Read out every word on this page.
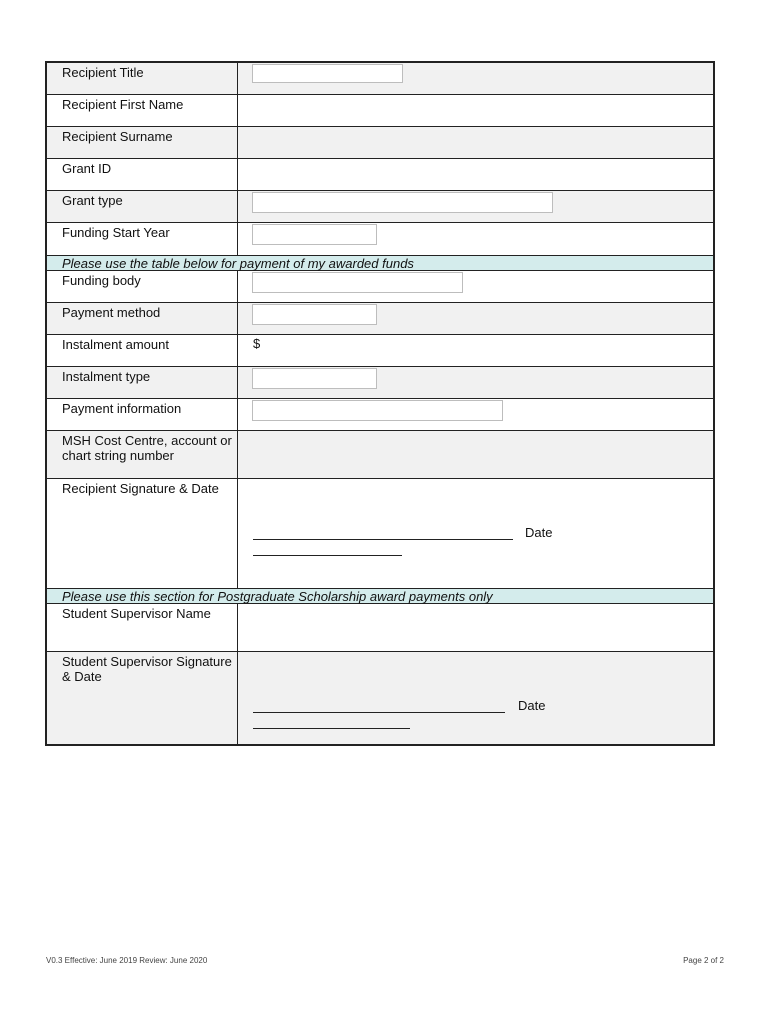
Recipient Title
Recipient First Name
Recipient Surname
Grant ID
Grant type
Funding Start Year
Please use the table below for payment of my awarded funds
Funding body
Payment method
Instalment amount	$
Instalment type
Payment information
MSH Cost Centre, account or chart string number
Recipient Signature & Date
Date
Please use this section for Postgraduate Scholarship award payments only
Student Supervisor Name
Student Supervisor Signature & Date
Date
V0.3 Effective: June 2019 Review: June 2020	Page 2 of 2
